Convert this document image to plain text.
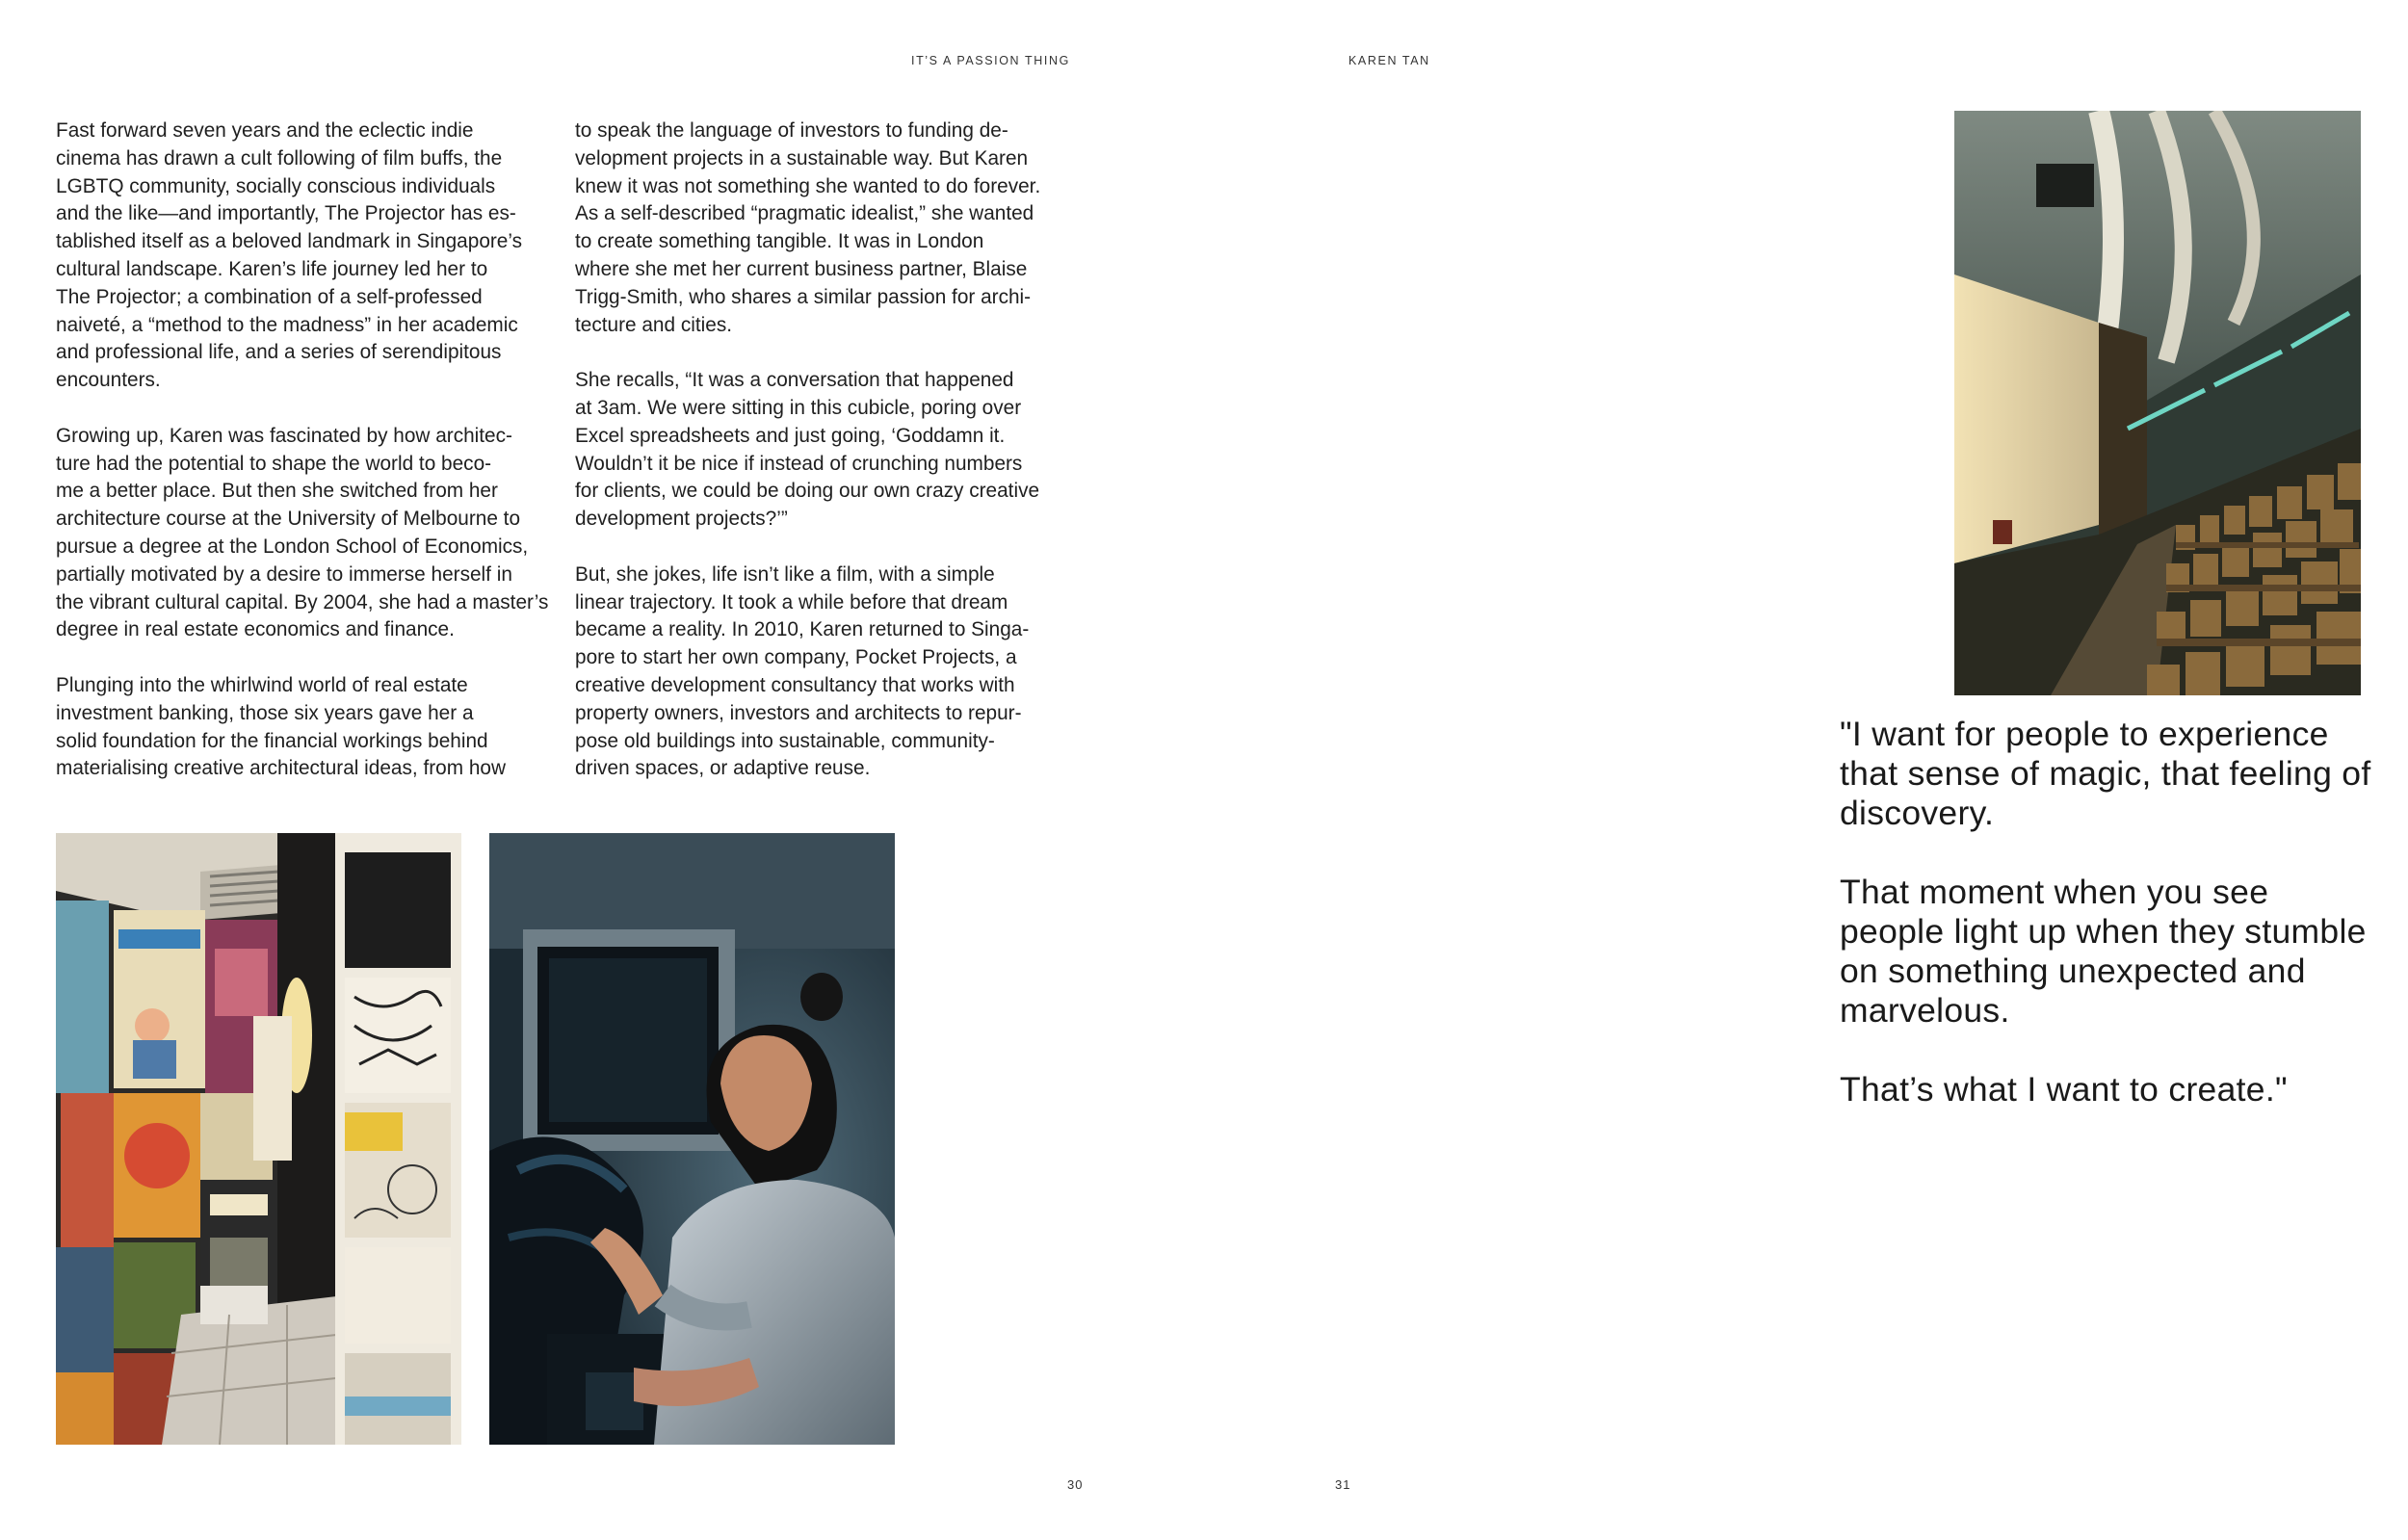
IT’S A PASSION THING	KAREN TAN

Fast forward seven years and the eclectic indie
cinema has drawn a cult following of film buffs, the
LGBTQ community, socially conscious individuals
and the like—and importantly, The Projector has es-
tablished itself as a beloved landmark in Singapore’s
cultural landscape. Karen’s life journey led her to
The Projector; a combination of a self-professed
naiveté, a “method to the madness” in her academic
and professional life, and a series of serendipitous
encounters.

Growing up, Karen was fascinated by how architec-
ture had the potential to shape the world to beco-
me a better place. But then she switched from her
architecture course at the University of Melbourne to
pursue a degree at the London School of Economics,
partially motivated by a desire to immerse herself in
the vibrant cultural capital. By 2004, she had a master’s
degree in real estate economics and finance.

Plunging into the whirlwind world of real estate
investment banking, those six years gave her a
solid foundation for the financial workings behind
materialising creative architectural ideas, from how

to speak the language of investors to funding de-
velopment projects in a sustainable way. But Karen
knew it was not something she wanted to do forever.
As a self-described “pragmatic idealist,” she wanted
to create something tangible. It was in London
where she met her current business partner, Blaise
Trigg-Smith, who shares a similar passion for archi-
tecture and cities.

She recalls, “It was a conversation that happened
at 3am. We were sitting in this cubicle, poring over
Excel spreadsheets and just going, ‘Goddamn it.
Wouldn’t it be nice if instead of crunching numbers
for clients, we could be doing our own crazy creative
development projects?’”

But, she jokes, life isn’t like a film, with a simple
linear trajectory. It took a while before that dream
became a reality. In 2010, Karen returned to Singa-
pore to start her own company, Pocket Projects, a
creative development consultancy that works with
property owners, investors and architects to repur-
pose old buildings into sustainable, community-
driven spaces, or adaptive reuse.

"I want for people to experience that sense of magic, that feeling of discovery.

That moment when you see people light up when they stumble on something unexpected and marvelous.

That’s what I want to create."

30	31
